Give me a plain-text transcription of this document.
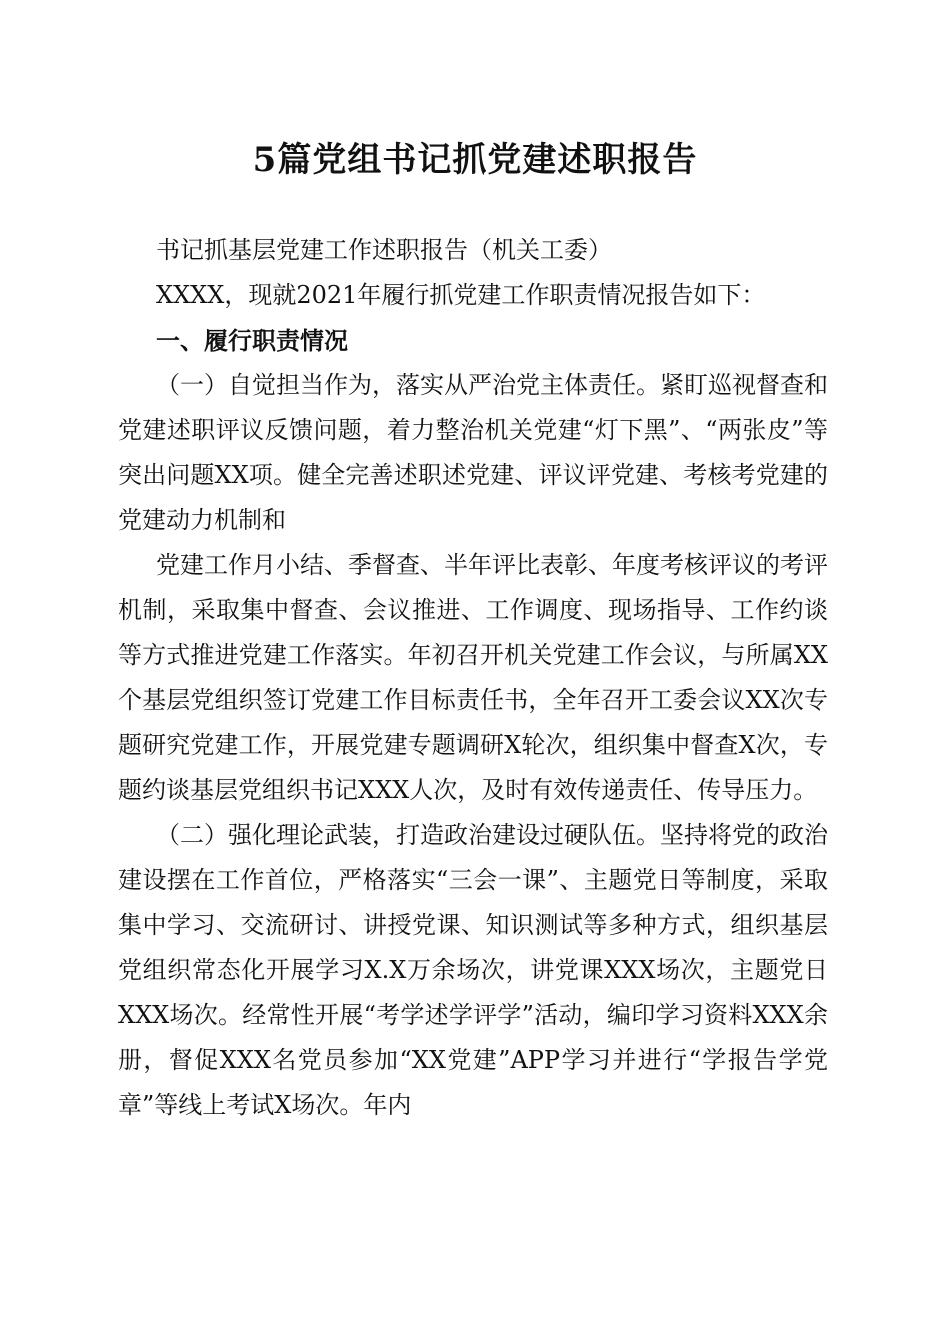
5篇党组书记抓党建述职报告

书记抓基层党建工作述职报告（机关工委）

XXXX，现就2021年履行抓党建工作职责情况报告如下：

一、履行职责情况

（一）自觉担当作为，落实从严治党主体责任。紧盯巡视督查和党建述职评议反馈问题，着力整治机关党建“灯下黑”、“两张皮”等突出问题XX项。健全完善述职述党建、评议评党建、考核考党建的党建动力机制和

党建工作月小结、季督查、半年评比表彰、年度考核评议的考评机制，采取集中督查、会议推进、工作调度、现场指导、工作约谈等方式推进党建工作落实。年初召开机关党建工作会议，与所属XX个基层党组织签订党建工作目标责任书，全年召开工委会议XX次专题研究党建工作，开展党建专题调研X轮次，组织集中督查X次，专题约谈基层党组织书记XXX人次，及时有效传递责任、传导压力。

（二）强化理论武装，打造政治建设过硬队伍。坚持将党的政治建设摆在工作首位，严格落实“三会一课”、主题党日等制度，采取集中学习、交流研讨、讲授党课、知识测试等多种方式，组织基层党组织常态化开展学习X.X万余场次，讲党课XXX场次，主题党日XXX场次。经常性开展“考学述学评学”活动，编印学习资料XXX余册，督促XXX名党员参加“XX党建”APP学习并进行“学报告学党章”等线上考试X场次。年内
